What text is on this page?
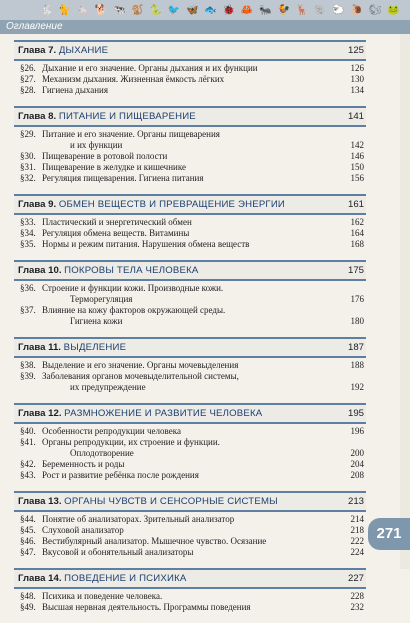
🐇 🐈 🐁 🐕 🐄 🐒 🐍 🐦 🦋 🐟 🐞 🦀 🐜 🐓 🦌 🐘 🐑 🐌 🐿 🐸
Оглавление
Глава 7. ДЫХАНИЕ	125
§26. Дыхание и его значение. Органы дыхания и их функции	126
§27. Механизм дыхания. Жизненная ёмкость лёгких	130
§28. Гигиена дыхания	134
Глава 8. ПИТАНИЕ И ПИЩЕВАРЕНИЕ	141
§29. Питание и его значение. Органы пищеварения
и их функции	142
§30. Пищеварение в ротовой полости	146
§31. Пищеварение в желудке и кишечнике	150
§32. Регуляция пищеварения. Гигиена питания	156
Глава 9. ОБМЕН ВЕЩЕСТВ И ПРЕВРАЩЕНИЕ ЭНЕРГИИ	161
§33. Пластический и энергетический обмен	162
§34. Регуляция обмена веществ. Витамины	164
§35. Нормы и режим питания. Нарушения обмена веществ	168
Глава 10. ПОКРОВЫ ТЕЛА ЧЕЛОВЕКА	175
§36. Строение и функции кожи. Производные кожи.
Терморегуляция	176
§37. Влияние на кожу факторов окружающей среды.
Гигиена кожи	180
Глава 11. ВЫДЕЛЕНИЕ	187
§38. Выделение и его значение. Органы мочевыделения	188
§39. Заболевания органов мочевыделительной системы,
их предупреждение	192
Глава 12. РАЗМНОЖЕНИЕ И РАЗВИТИЕ ЧЕЛОВЕКА	195
§40. Особенности репродукции человека	196
§41. Органы репродукции, их строение и функции.
Оплодотворение	200
§42. Беременность и роды	204
§43. Рост и развитие ребёнка после рождения	208
Глава 13. ОРГАНЫ ЧУВСТВ И СЕНСОРНЫЕ СИСТЕМЫ	213
§44. Понятие об анализаторах. Зрительный анализатор	214
§45. Слуховой анализатор	218
§46. Вестибулярный анализатор. Мышечное чувство. Осязание	222
§47. Вкусовой и обонятельный анализаторы	224
Глава 14. ПОВЕДЕНИЕ И ПСИХИКА	227
§48. Психика и поведение человека.	228
§49. Высшая нервная деятельность. Программы поведения	232
271
